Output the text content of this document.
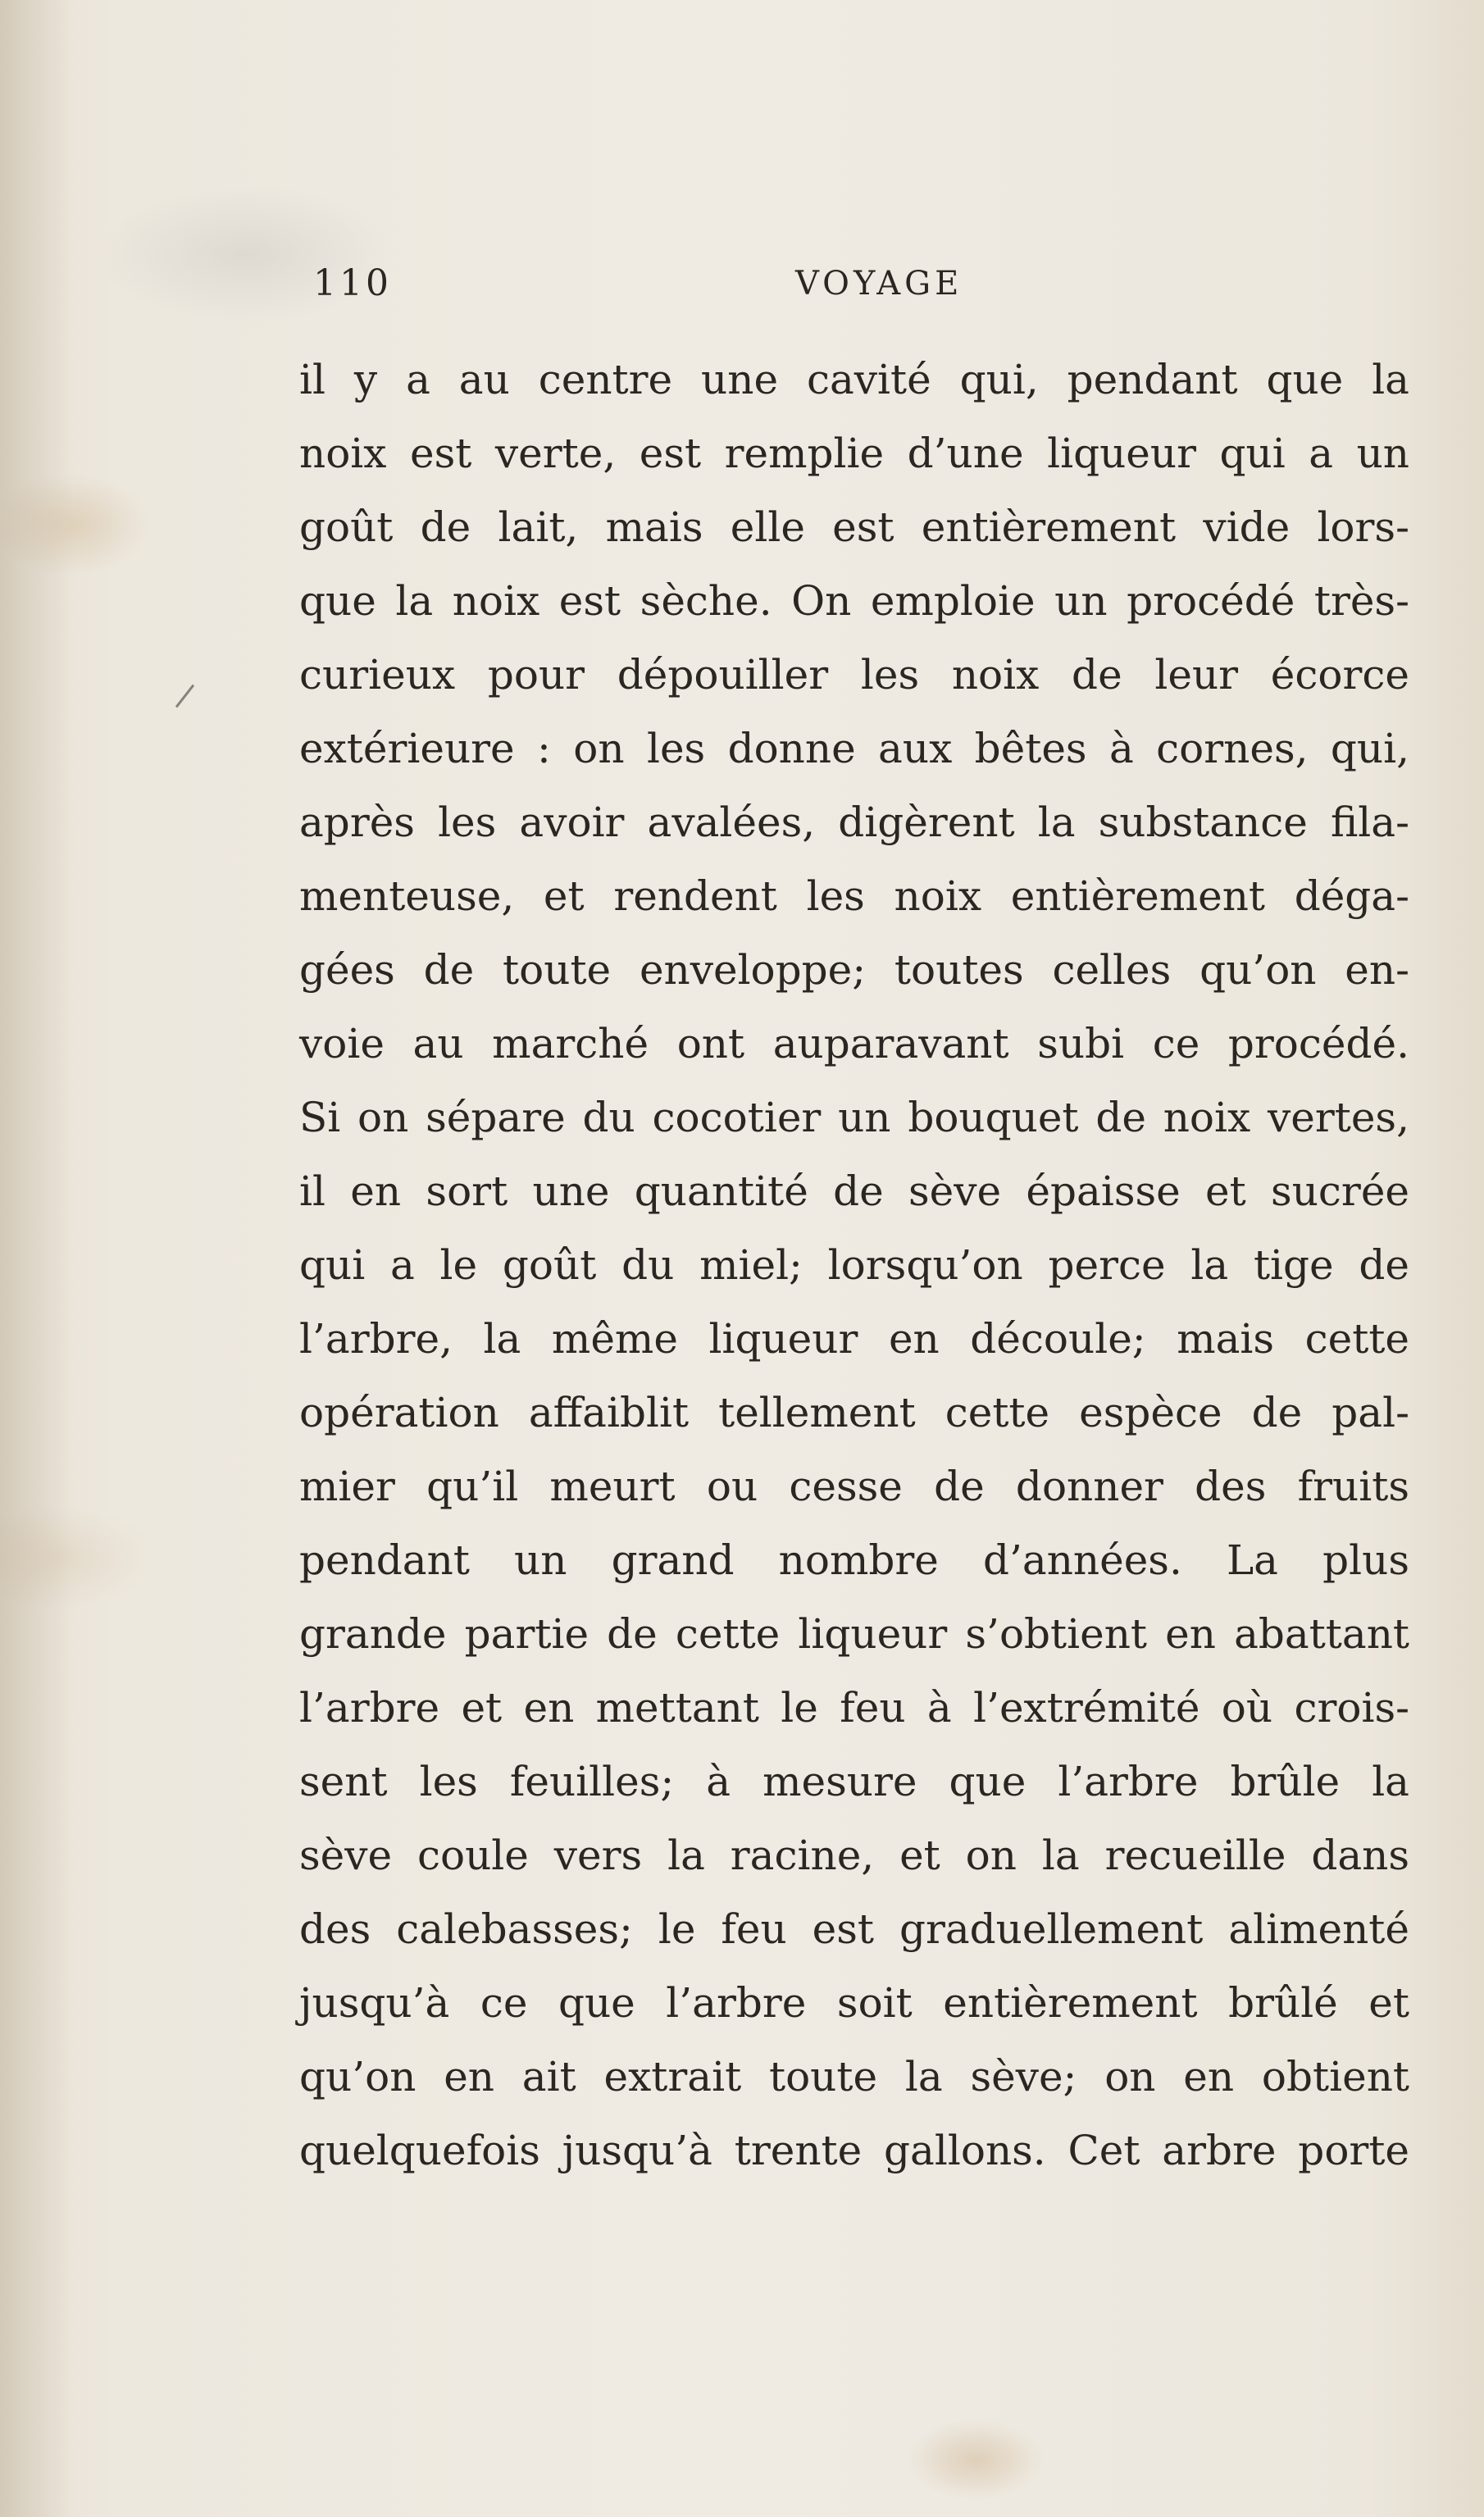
110	VOYAGE
il y a au centre une cavité qui, pendant que la
noix est verte, est remplie d’une liqueur qui a un
goût de lait, mais elle est entièrement vide lors-
que la noix est sèche. On emploie un procédé très-
curieux pour dépouiller les noix de leur écorce
extérieure : on les donne aux bêtes à cornes, qui,
après les avoir avalées, digèrent la substance fila-
menteuse, et rendent les noix entièrement déga-
gées de toute enveloppe; toutes celles qu’on en-
voie au marché ont auparavant subi ce procédé.
Si on sépare du cocotier un bouquet de noix vertes,
il en sort une quantité de sève épaisse et sucrée
qui a le goût du miel; lorsqu’on perce la tige de
l’arbre, la même liqueur en découle; mais cette
opération affaiblit tellement cette espèce de pal-
mier qu’il meurt ou cesse de donner des fruits
pendant un grand nombre d’années. La plus
grande partie de cette liqueur s’obtient en abattant
l’arbre et en mettant le feu à l’extrémité où crois-
sent les feuilles; à mesure que l’arbre brûle la
sève coule vers la racine, et on la recueille dans
des calebasses; le feu est graduellement alimenté
jusqu’à ce que l’arbre soit entièrement brûlé et
qu’on en ait extrait toute la sève; on en obtient
quelquefois jusqu’à trente gallons. Cet arbre porte
